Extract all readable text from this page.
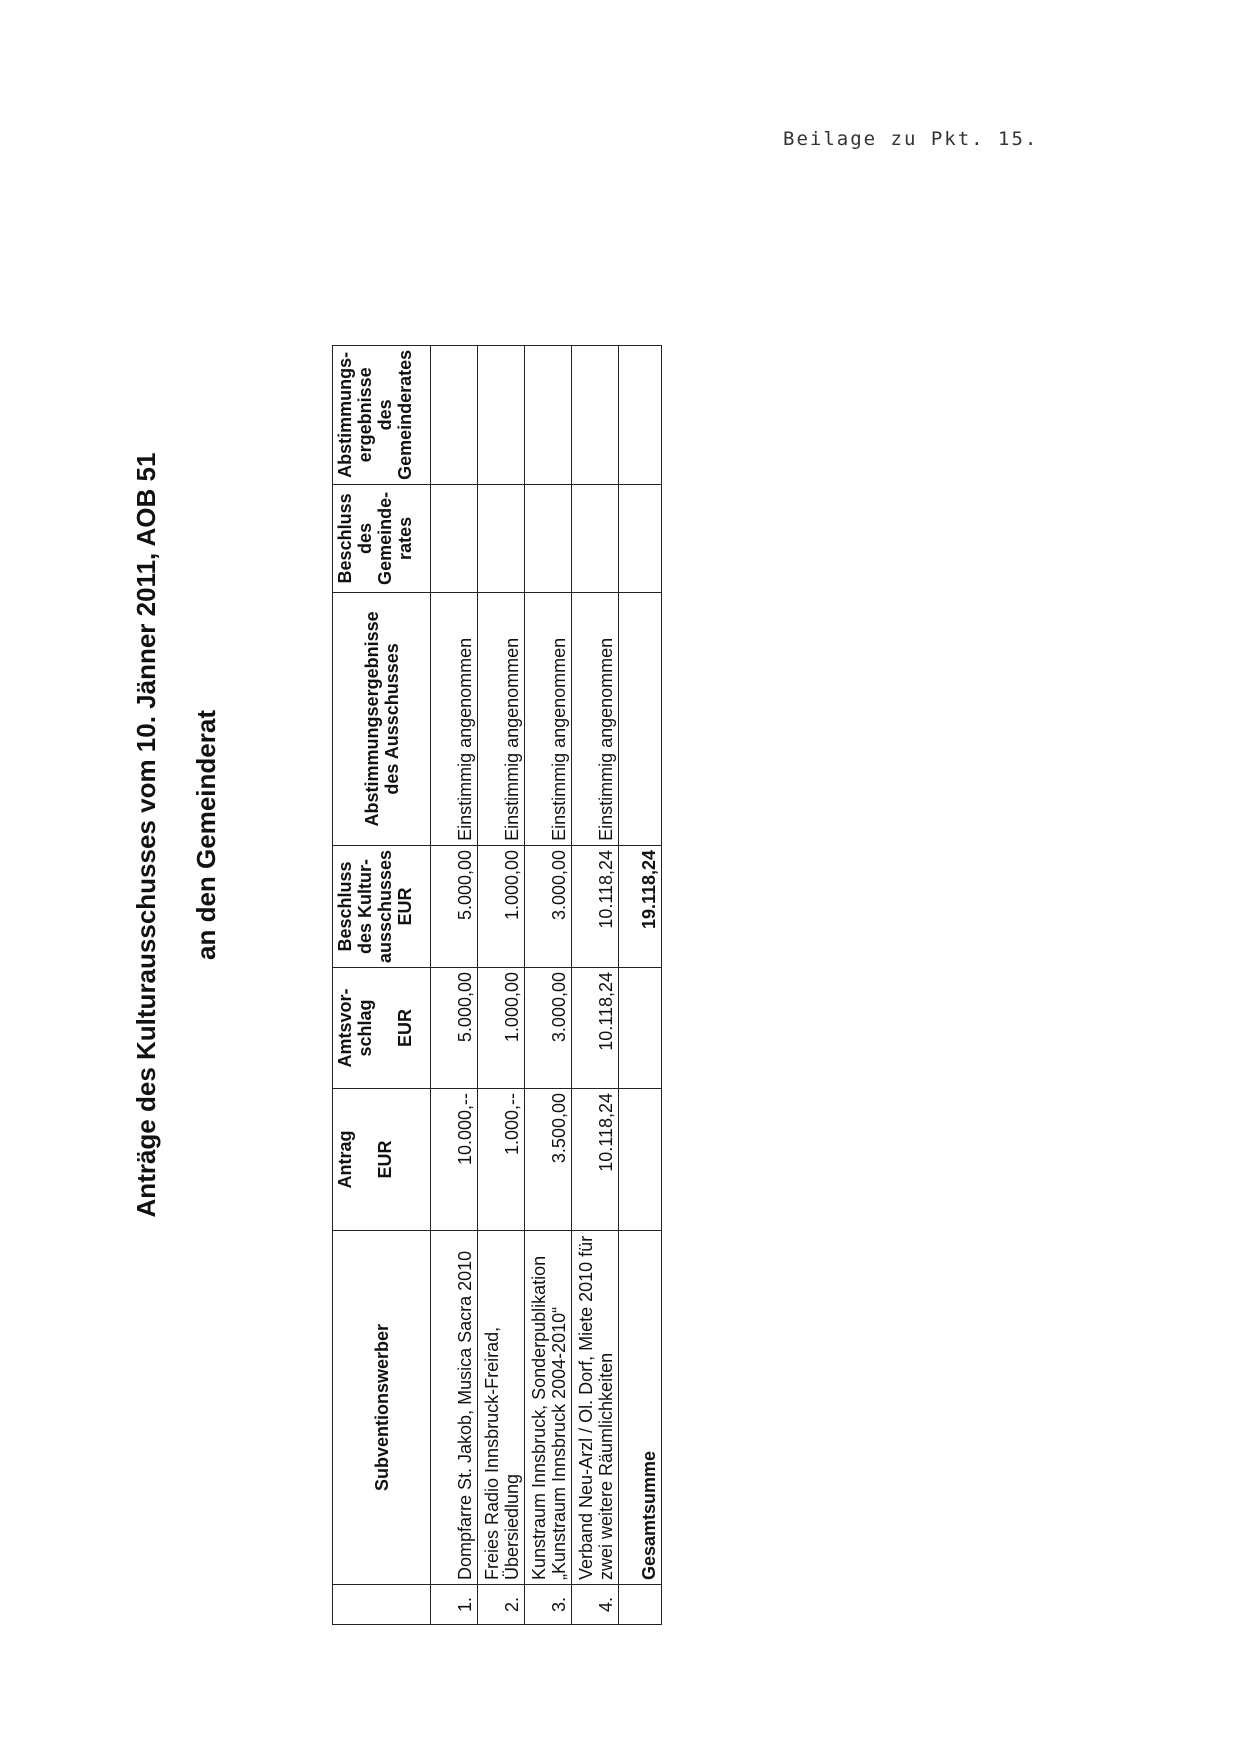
Beilage zu Pkt. 15.
Anträge des Kulturausschusses vom 10. Jänner 2011, AOB 51 an den Gemeinderat
	Subventionswerber	Antrag EUR	Amtsvor-schlag EUR	Beschluss des Kultur-ausschusses EUR	Abstimmungsergebnisse des Ausschusses	Beschluss des Gemeinde-rates	Abstimmungs-ergebnisse des Gemeinderates
1.	Dompfarre St. Jakob, Musica Sacra 2010	10.000,--	5.000,00	5.000,00	Einstimmig angenommen		
2.	Freies Radio Innsbruck-Freirad, Übersiedlung	1.000,--	1.000,00	1.000,00	Einstimmig angenommen		
3.	Kunstraum Innsbruck, Sonderpublikation „Kunstraum Innsbruck 2004-2010“	3.500,00	3.000,00	3.000,00	Einstimmig angenommen		
4.	Verband Neu-Arzl / Ol. Dorf, Miete 2010 für zwei weitere Räumlichkeiten	10.118,24	10.118,24	10.118,24	Einstimmig angenommen		
	Gesamtsumme			19.118,24			
